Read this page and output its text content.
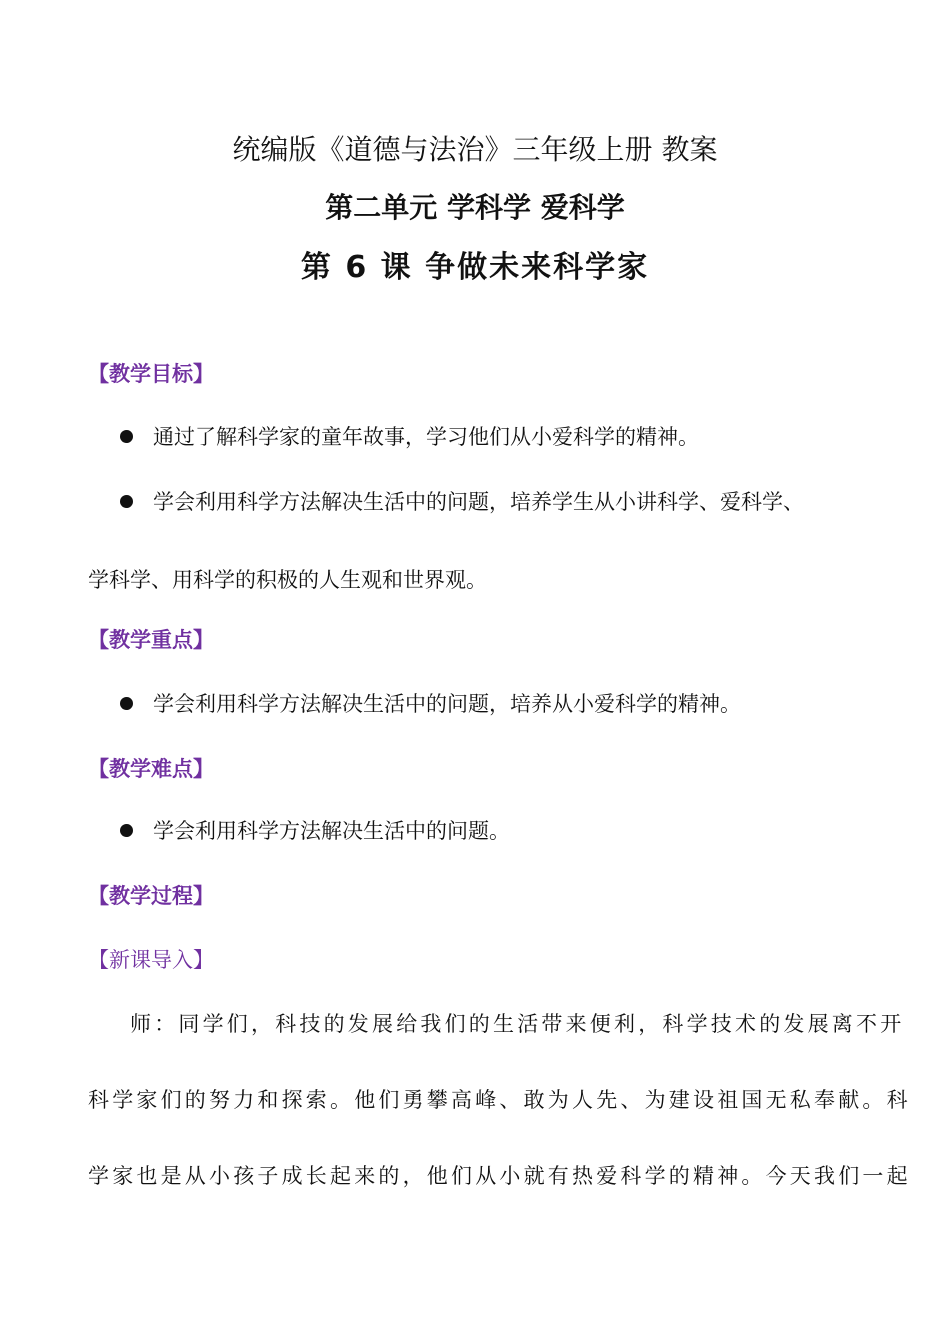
统编版《道德与法治》三年级上册 教案
第二单元 学科学 爱科学
第 6 课 争做未来科学家
【教学目标】
通过了解科学家的童年故事，学习他们从小爱科学的精神。
学会利用科学方法解决生活中的问题，培养学生从小讲科学、爱科学、
学科学、用科学的积极的人生观和世界观。
【教学重点】
学会利用科学方法解决生活中的问题，培养从小爱科学的精神。
【教学难点】
学会利用科学方法解决生活中的问题。
【教学过程】
【新课导入】
师：同学们，科技的发展给我们的生活带来便利，科学技术的发展离不开
科学家们的努力和探索。他们勇攀高峰、敢为人先、为建设祖国无私奉献。科
学家也是从小孩子成长起来的，他们从小就有热爱科学的精神。今天我们一起
